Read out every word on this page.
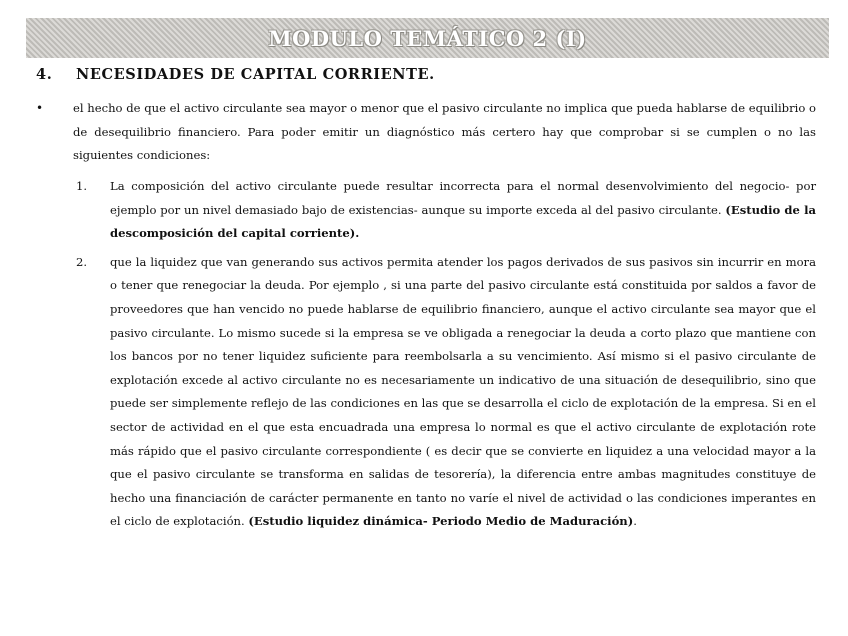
MODULO TEMÁTICO 2 (I)
4.	NECESIDADES DE CAPITAL CORRIENTE.
•	el hecho de que el activo circulante sea mayor o menor que el pasivo circulante no implica que pueda hablarse de equilibrio o de desequilibrio financiero. Para poder emitir un diagnóstico más certero hay que comprobar si se cumplen o no las siguientes condiciones:
1.	La composición del activo circulante puede resultar incorrecta para el normal desenvolvimiento del negocio- por ejemplo por un nivel demasiado bajo de existencias- aunque su importe exceda al del pasivo circulante. (Estudio de la descomposición del capital corriente).
2.	que la liquidez que van generando sus activos permita atender los pagos derivados de sus pasivos sin incurrir en mora o tener que renegociar la deuda. Por ejemplo , si una parte del pasivo circulante está constituida por saldos a favor de proveedores que han vencido no puede hablarse de equilibrio financiero, aunque el activo circulante sea mayor que el pasivo circulante. Lo mismo sucede si la empresa se ve obligada a renegociar la deuda a corto plazo que mantiene con los bancos por no tener liquidez suficiente para reembolsarla a su vencimiento. Así mismo si el pasivo circulante de explotación excede al activo circulante no es necesariamente un indicativo de una situación de desequilibrio, sino que puede ser simplemente reflejo de las condiciones en las que se desarrolla el ciclo de explotación de la empresa. Si en el sector de actividad en el que esta encuadrada una empresa lo normal es que el activo circulante de explotación rote más rápido que el pasivo circulante correspondiente ( es decir que se convierte en liquidez a una velocidad mayor a la que el pasivo circulante se transforma en salidas de tesorería), la diferencia entre ambas magnitudes constituye de hecho una financiación de carácter permanente en tanto no varíe el nivel de actividad o las condiciones imperantes en el ciclo de explotación. (Estudio liquidez dinámica- Periodo Medio de Maduración).
